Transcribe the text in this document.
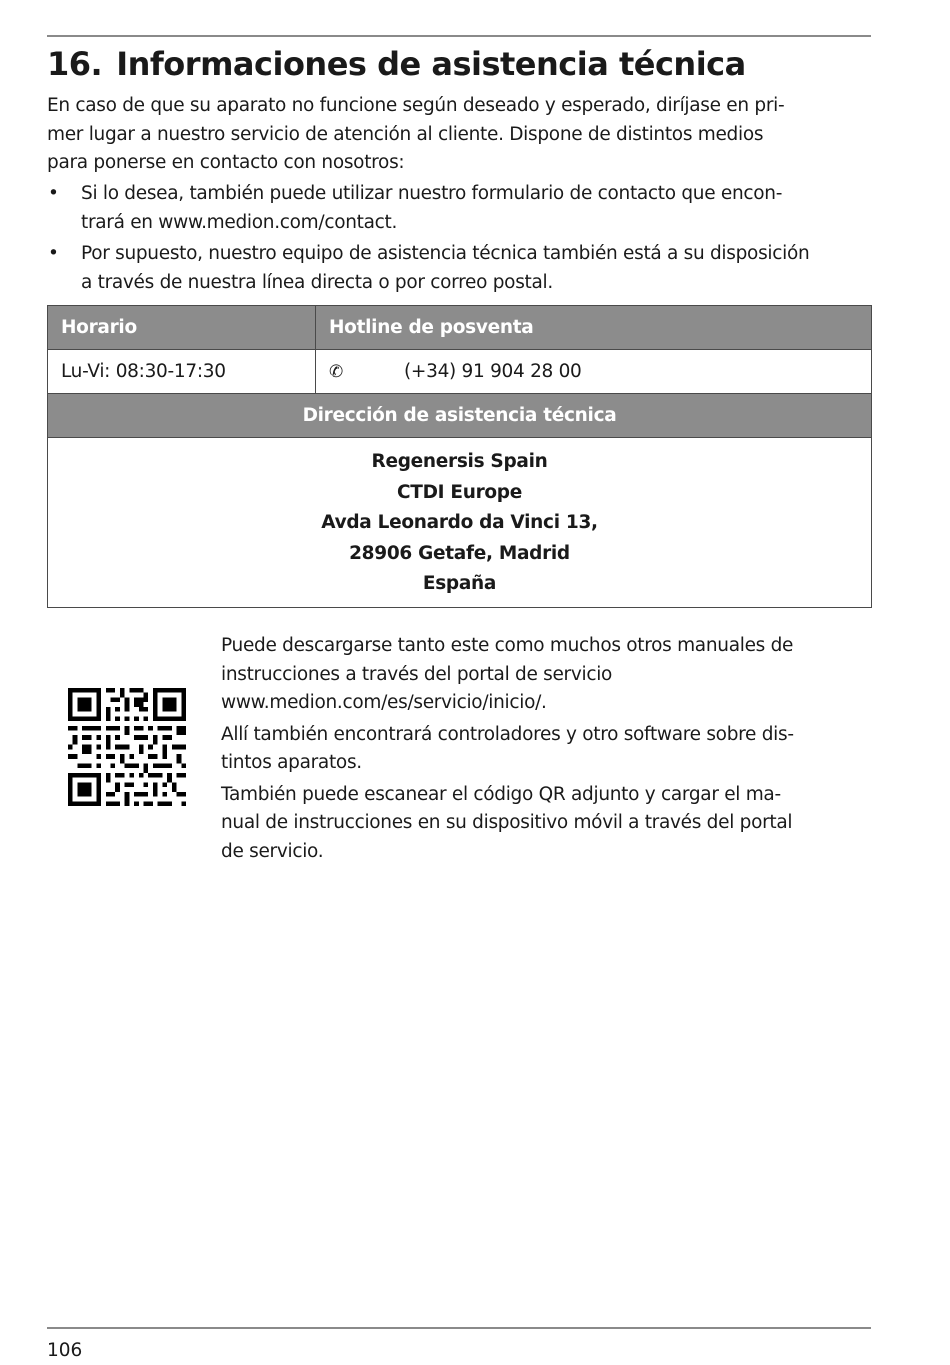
16. Informaciones de asistencia técnica
En caso de que su aparato no funcione según deseado y esperado, diríjase en pri-
mer lugar a nuestro servicio de atención al cliente. Dispone de distintos medios
para ponerse en contacto con nosotros:
• Si lo desea, también puede utilizar nuestro formulario de contacto que encon-
trará en www.medion.com/contact.
• Por supuesto, nuestro equipo de asistencia técnica también está a su disposición
a través de nuestra línea directa o por correo postal.
Horario	Hotline de posventa
Lu-Vi: 08:30-17:30	✆ (+34) 91 904 28 00
Dirección de asistencia técnica	

Regenersis Spain
CTDI Europe
Avda Leonardo da Vinci 13,
28906 Getafe, Madrid
España	

Puede descargarse tanto este como muchos otros manuales de
instrucciones a través del portal de servicio
www.medion.com/es/servicio/inicio/.

Allí también encontrará controladores y otro software sobre dis-
tintos aparatos.

También puede escanear el código QR adjunto y cargar el ma-
nual de instrucciones en su dispositivo móvil a través del portal
de servicio.

106
